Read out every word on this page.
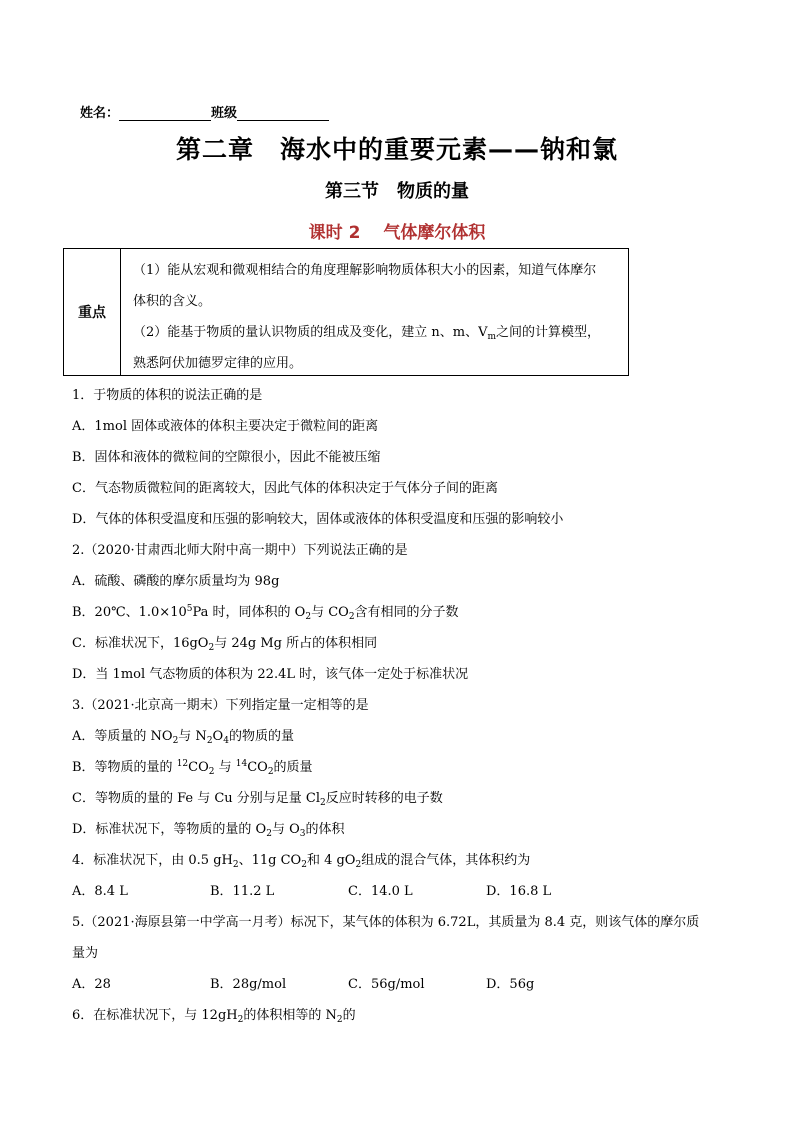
姓名：	班级
第二章　海水中的重要元素——钠和氯
第三节　物质的量
课时 2　 气体摩尔体积
重点

（1）能从宏观和微观相结合的角度理解影响物质体积大小的因素，知道气体摩尔

体积的含义。

（2）能基于物质的量认识物质的组成及变化，建立 n、m、$V_m$之间的计算模型，

熟悉阿伏加德罗定律的应用。

1．于物质的体积的说法正确的是

A．1mol 固体或液体的体积主要决定于微粒间的距离

B．固体和液体的微粒间的空隙很小，因此不能被压缩

C．气态物质微粒间的距离较大，因此气体的体积决定于气体分子间的距离

D．气体的体积受温度和压强的影响较大，固体或液体的体积受温度和压强的影响较小

2.（2020·甘肃西北师大附中高一期中）下列说法正确的是

A．硫酸、磷酸的摩尔质量均为 98g

B．20℃、$1.0\times 10^5Pa$ 时，同体积的 $O_2$与 $CO_2$含有相同的分子数

C．标准状况下，$16gO_2$与 24g Mg 所占的体积相同

D．当 1mol 气态物质的体积为 22.4L 时，该气体一定处于标准状况

3.（2021·北京高一期末）下列指定量一定相等的是

A．等质量的 $NO_2$与 $N_2O_4$的物质的量

B．等物质的量的 $^{12}CO_2$ 与 $^{14}CO_2$的质量

C．等物质的量的 Fe 与 Cu 分别与足量 $Cl_2$反应时转移的电子数

D．标准状况下，等物质的量的 $O_2$与 $O_3$的体积

4．标准状况下，由 0.5 $gH_2$、11g $CO_2$和 4 $gO_2$组成的混合气体，其体积约为

A．8.4 L	B．11.2 L	C．14.0 L	D．16.8 L

5.（2021·海原县第一中学高一月考）标况下，某气体的体积为 6.72L，其质量为 8.4 克，则该气体的摩尔质

量为

A．28	B．28g/mol	C．56g/mol	D．56g

6．在标准状况下，与 $12gH_2$的体积相等的 $N_2$的
